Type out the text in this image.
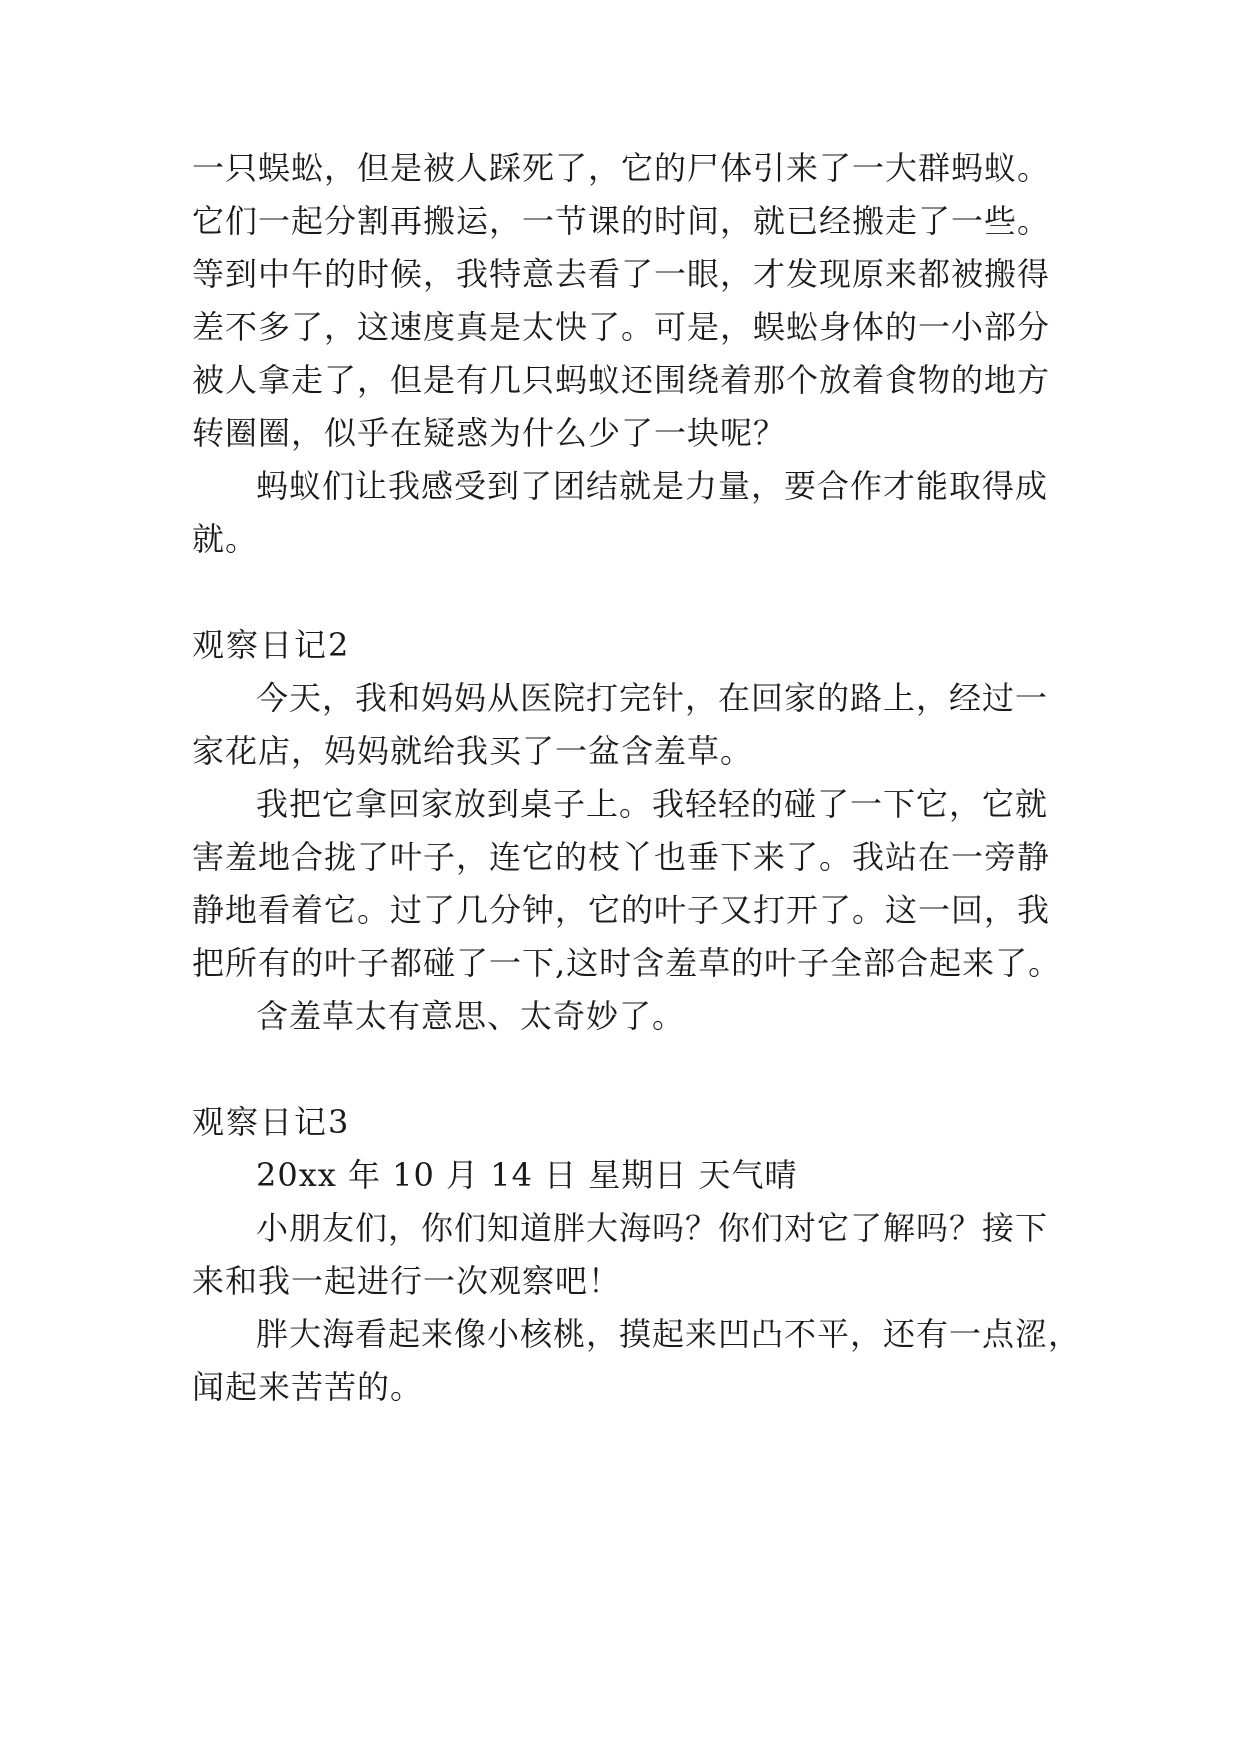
一只蜈蚣，但是被人踩死了，它的尸体引来了一大群蚂蚁。

它们一起分割再搬运，一节课的时间，就已经搬走了一些。

等到中午的时候，我特意去看了一眼，才发现原来都被搬得

差不多了，这速度真是太快了。可是，蜈蚣身体的一小部分

被人拿走了，但是有几只蚂蚁还围绕着那个放着食物的地方

转圈圈，似乎在疑惑为什么少了一块呢？

蚂蚁们让我感受到了团结就是力量，要合作才能取得成

就。

观察日记2

今天，我和妈妈从医院打完针，在回家的路上，经过一

家花店，妈妈就给我买了一盆含羞草。

我把它拿回家放到桌子上。我轻轻的碰了一下它，它就

害羞地合拢了叶子，连它的枝丫也垂下来了。我站在一旁静

静地看着它。过了几分钟，它的叶子又打开了。这一回，我

把所有的叶子都碰了一下,这时含羞草的叶子全部合起来了。

含羞草太有意思、太奇妙了。

观察日记3

20xx 年 10 月 14 日 星期日 天气晴

小朋友们，你们知道胖大海吗？你们对它了解吗？接下

来和我一起进行一次观察吧！

胖大海看起来像小核桃，摸起来凹凸不平，还有一点涩，

闻起来苦苦的。
